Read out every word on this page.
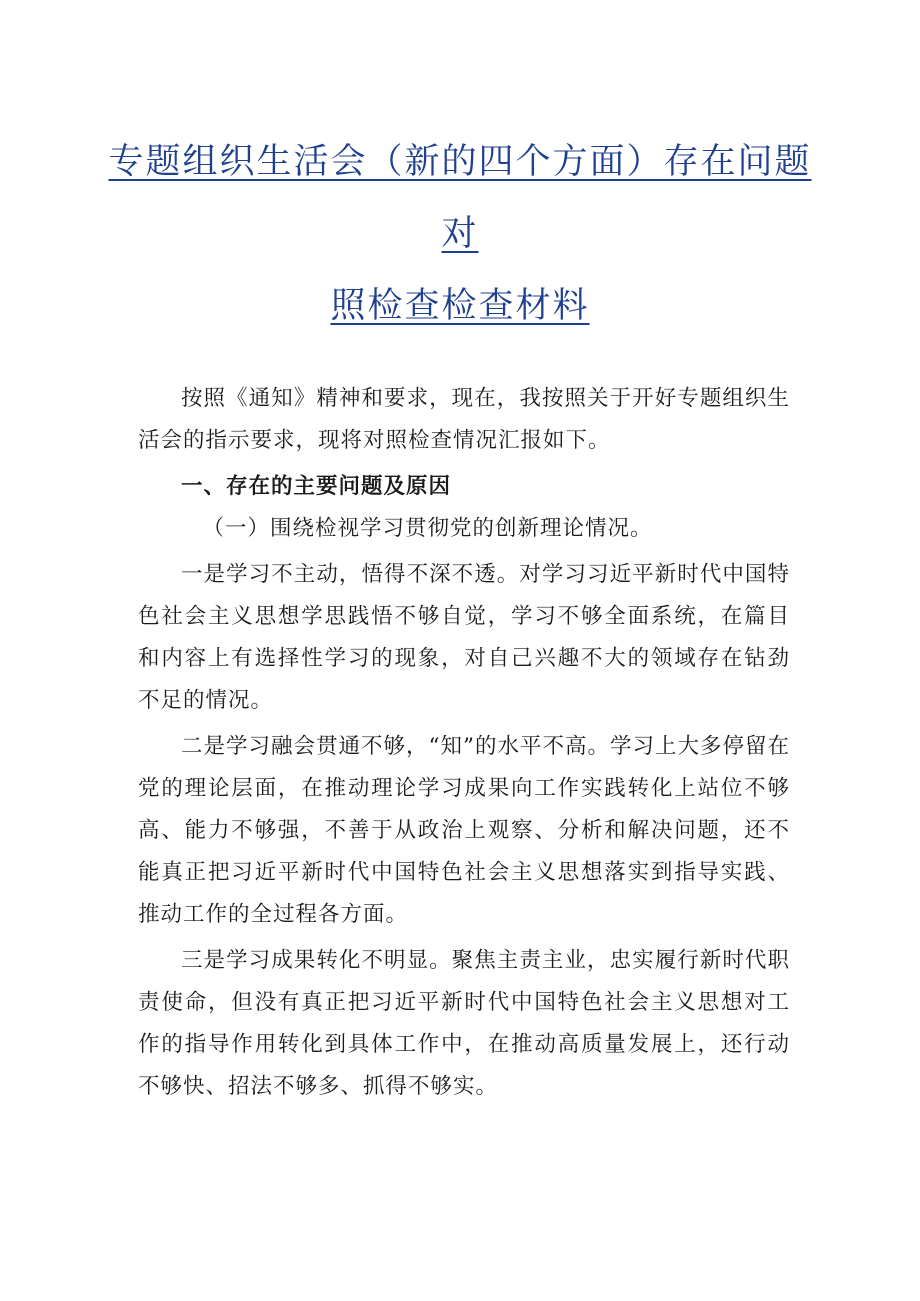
专题组织生活会（新的四个方面）存在问题
对
照检查检查材料

按照《通知》精神和要求，现在，我按照关于开好专题组织生活会的指示要求，现将对照检查情况汇报如下。

一、存在的主要问题及原因

（一）围绕检视学习贯彻党的创新理论情况。

一是学习不主动，悟得不深不透。对学习习近平新时代中国特色社会主义思想学思践悟不够自觉，学习不够全面系统，在篇目和内容上有选择性学习的现象，对自己兴趣不大的领域存在钻劲不足的情况。

二是学习融会贯通不够，“知”的水平不高。学习上大多停留在党的理论层面，在推动理论学习成果向工作实践转化上站位不够高、能力不够强，不善于从政治上观察、分析和解决问题，还不能真正把习近平新时代中国特色社会主义思想落实到指导实践、推动工作的全过程各方面。

三是学习成果转化不明显。聚焦主责主业，忠实履行新时代职责使命，但没有真正把习近平新时代中国特色社会主义思想对工作的指导作用转化到具体工作中，在推动高质量发展上，还行动不够快、招法不够多、抓得不够实。
